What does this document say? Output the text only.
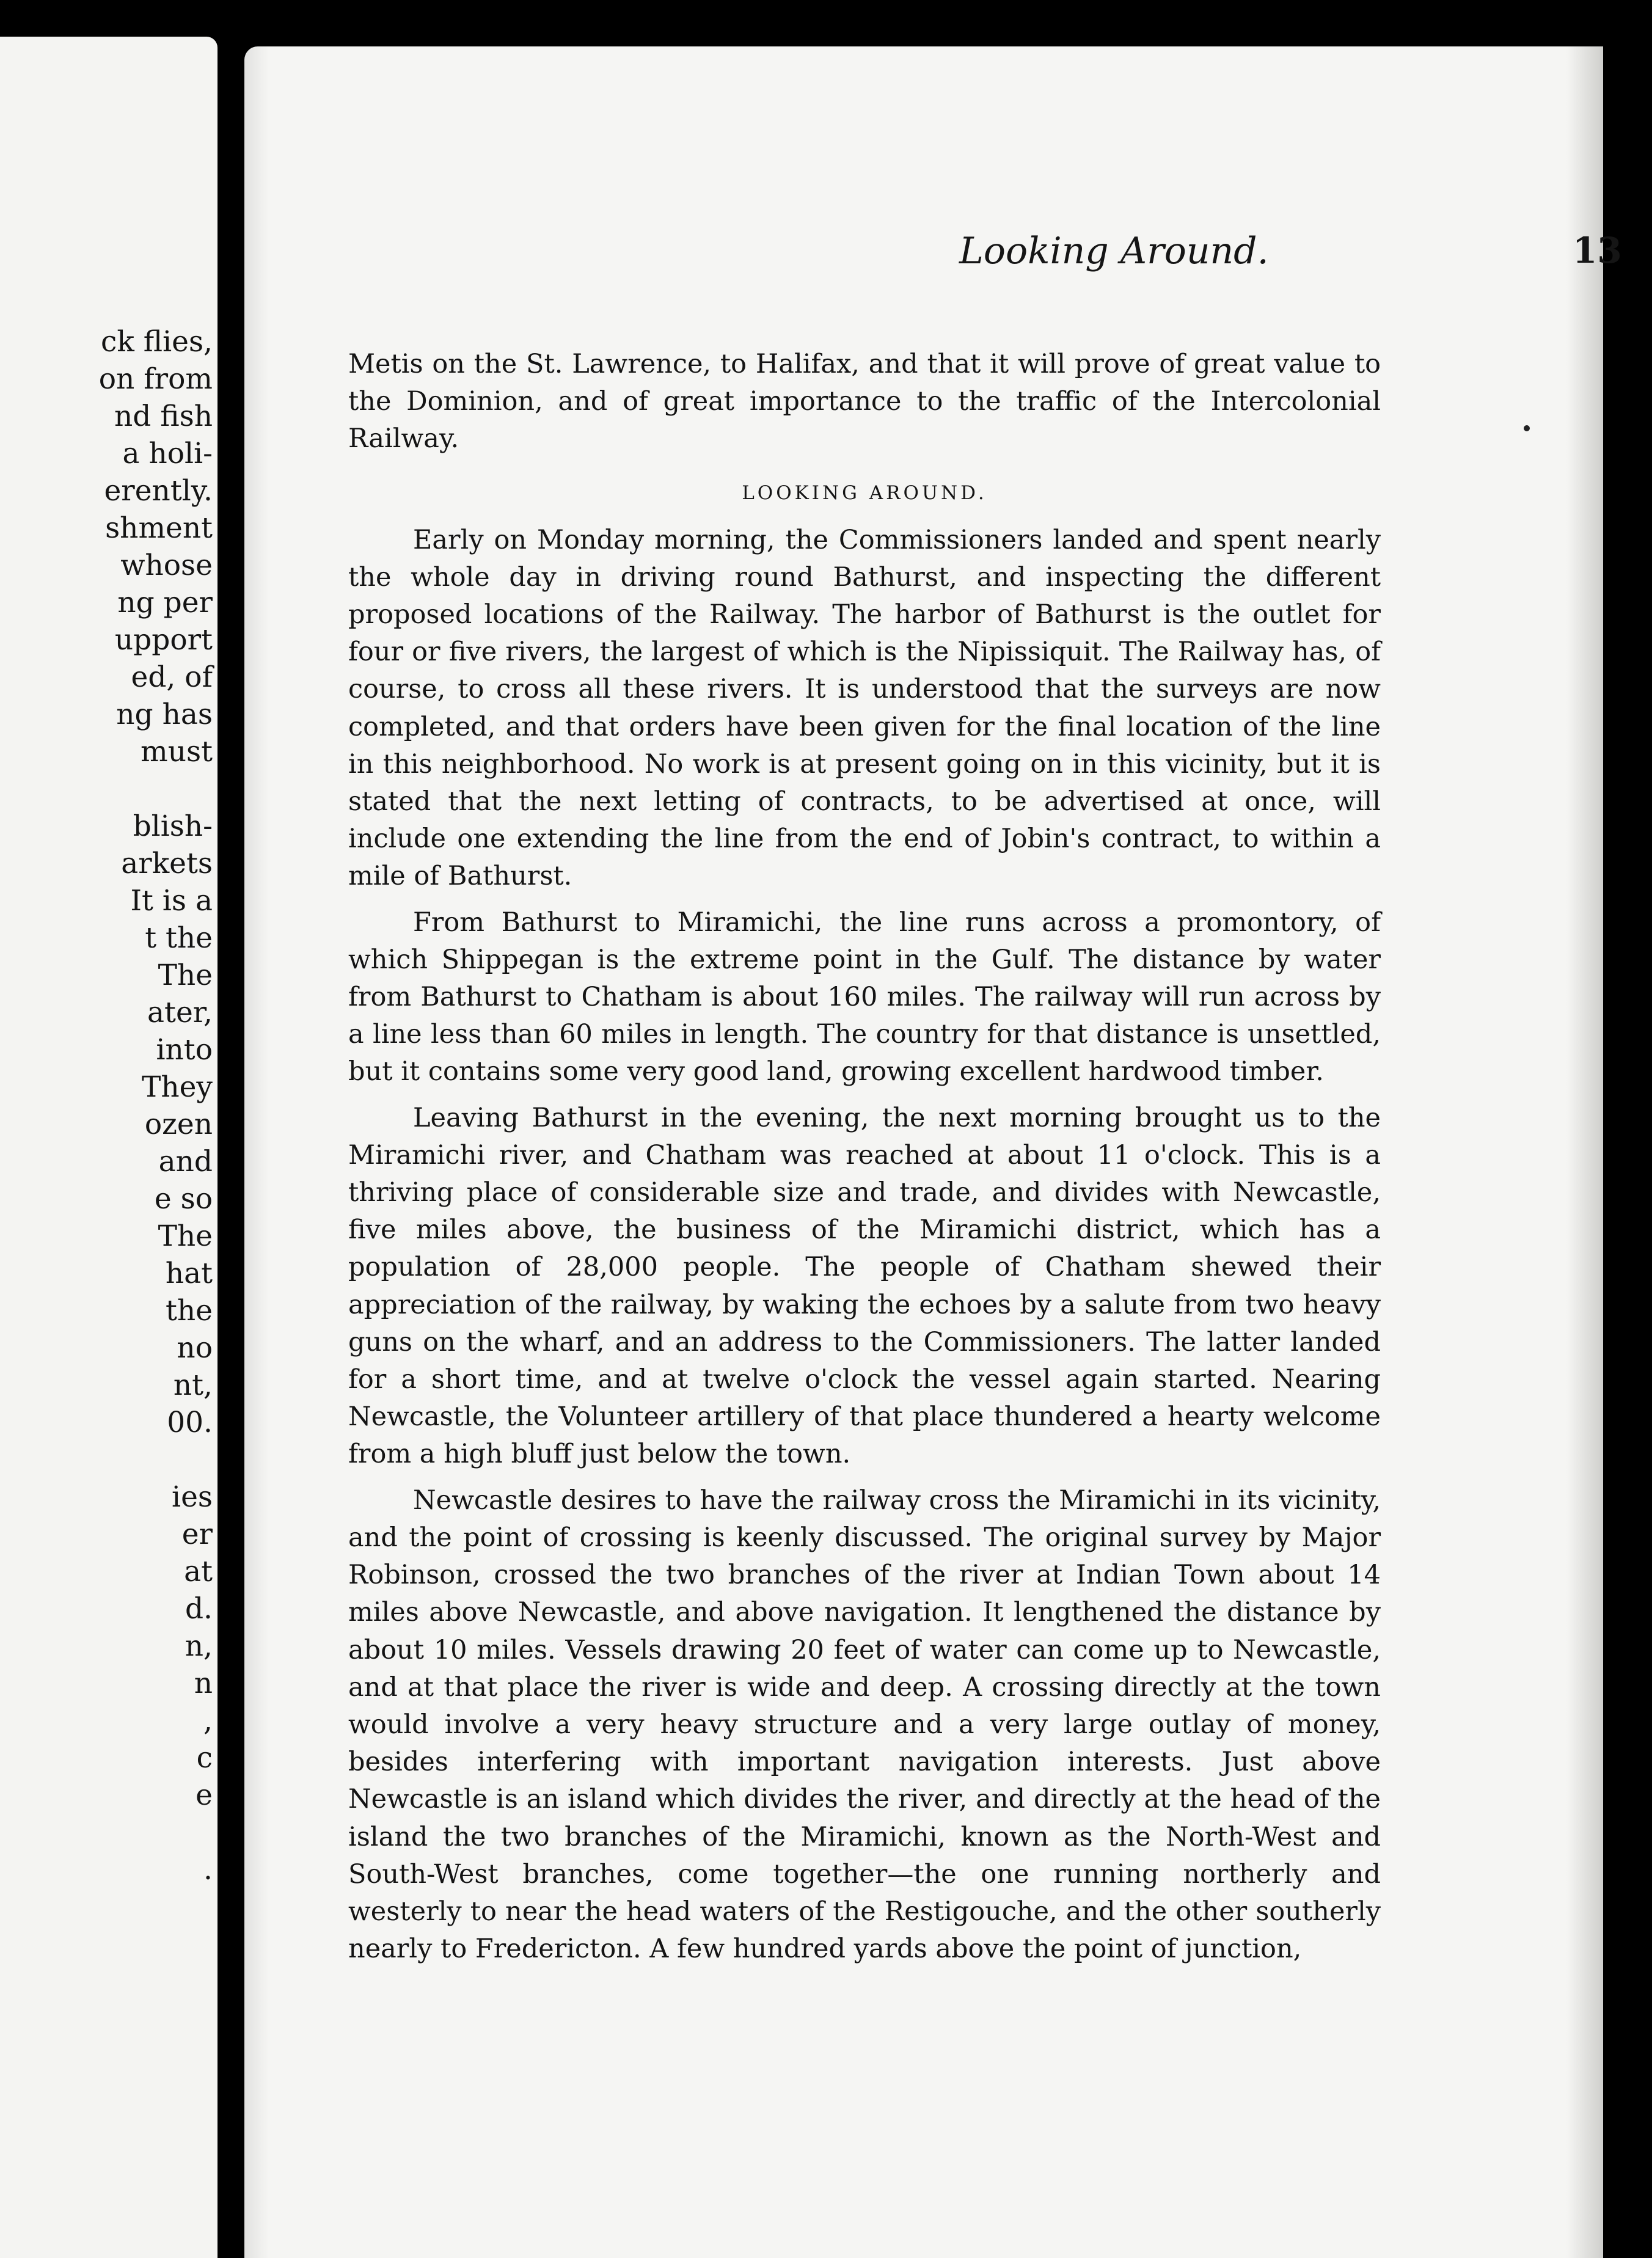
ck flies,
on from
nd fish
a holi-
erently.
shment
whose
ng per
upport
ed, of
ng has
must
blish-
arkets
It is a
t the
The
ater,
into
They
ozen
and
e so
The
hat
the
no
nt,
00.
ies
er
at
d.
n,
n
,
c
e
.
Looking Around.	13

Metis on the St. Lawrence, to Halifax, and that it will prove of great value to the Dominion, and of great importance to the traffic of the Intercolonial Railway.

LOOKING AROUND.

Early on Monday morning, the Commissioners landed and spent nearly the whole day in driving round Bathurst, and inspecting the different proposed locations of the Railway. The harbor of Bathurst is the outlet for four or five rivers, the largest of which is the Nipissiquit. The Railway has, of course, to cross all these rivers. It is understood that the surveys are now completed, and that orders have been given for the final location of the line in this neighborhood. No work is at present going on in this vicinity, but it is stated that the next letting of contracts, to be advertised at once, will include one extending the line from the end of Jobin's contract, to within a mile of Bathurst.

From Bathurst to Miramichi, the line runs across a promontory, of which Shippegan is the extreme point in the Gulf. The distance by water from Bathurst to Chatham is about 160 miles. The railway will run across by a line less than 60 miles in length. The country for that distance is unsettled, but it contains some very good land, growing excellent hardwood timber.

Leaving Bathurst in the evening, the next morning brought us to the Miramichi river, and Chatham was reached at about 11 o'clock. This is a thriving place of considerable size and trade, and divides with Newcastle, five miles above, the business of the Miramichi district, which has a population of 28,000 people. The people of Chatham shewed their appreciation of the railway, by waking the echoes by a salute from two heavy guns on the wharf, and an address to the Commissioners. The latter landed for a short time, and at twelve o'clock the vessel again started. Nearing Newcastle, the Volunteer artillery of that place thundered a hearty welcome from a high bluff just below the town.

Newcastle desires to have the railway cross the Miramichi in its vicinity, and the point of crossing is keenly discussed. The original survey by Major Robinson, crossed the two branches of the river at Indian Town about 14 miles above Newcastle, and above navigation. It lengthened the distance by about 10 miles. Vessels drawing 20 feet of water can come up to Newcastle, and at that place the river is wide and deep. A crossing directly at the town would involve a very heavy structure and a very large outlay of money, besides interfering with important navigation interests. Just above Newcastle is an island which divides the river, and directly at the head of the island the two branches of the Miramichi, known as the North-West and South-West branches, come together—the one running northerly and westerly to near the head waters of the Restigouche, and the other southerly nearly to Fredericton. A few hundred yards above the point of junction,
